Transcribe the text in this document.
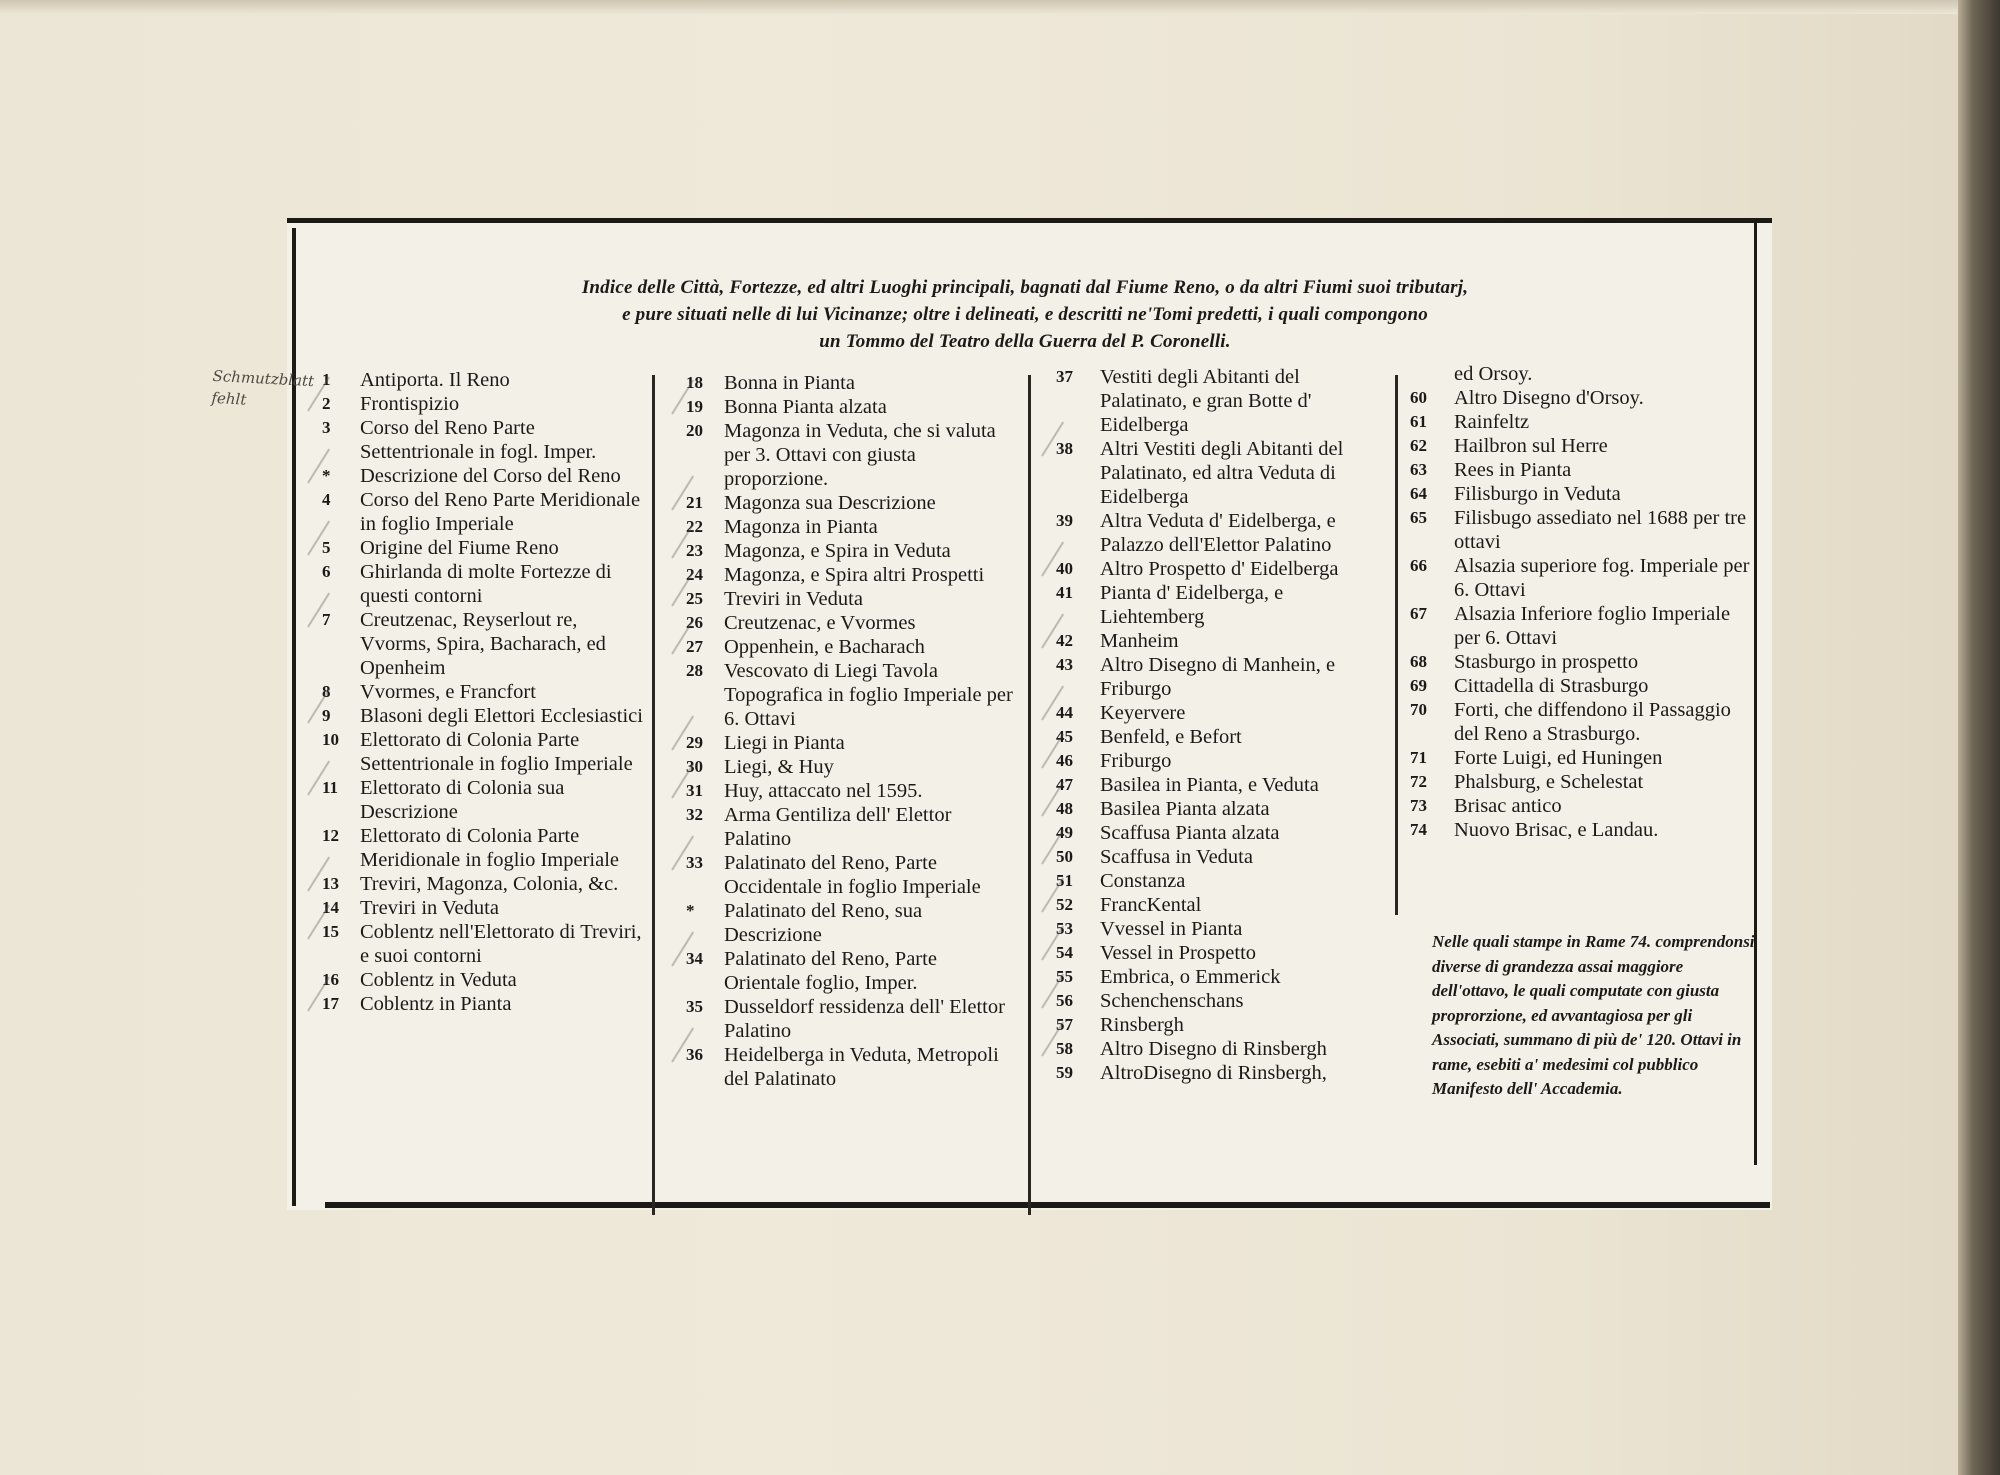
Indice delle Città, Fortezze, ed altri Luoghi principali, bagnati dal Fiume Reno, o da altri Fiumi suoi tributarj,
e pure situati nelle di lui Vicinanze; oltre i delineati, e descritti ne'Tomi predetti, i quali compongono
un Tommo del Teatro della Guerra del P. Coronelli.
Schmutzblatt
fehlt
1	Antiporta. Il Reno
2	Frontispizio
3	Corso del Reno Parte Settentrionale in fogl. Imper.
*	Descrizione del Corso del Reno
4	Corso del Reno Parte Meridionale in foglio Imperiale
5	Origine del Fiume Reno
6	Ghirlanda di molte Fortezze di questi contorni
7	Creutzenac, Reyserlout re, Vvorms, Spira, Bacharach, ed Openheim
8	Vvormes, e Francfort
9	Blasoni degli Elettori Ecclesiastici
10	Elettorato di Colonia Parte Settentrionale in foglio Imperiale
11	Elettorato di Colonia sua Descrizione
12	Elettorato di Colonia Parte Meridionale in foglio Imperiale
13	Treviri, Magonza, Colonia, &c.
14	Treviri in Veduta
15	Coblentz nell'Elettorato di Treviri, e suoi contorni
16	Coblentz in Veduta
17	Coblentz in Pianta
18	Bonna in Pianta
19	Bonna Pianta alzata
20	Magonza in Veduta, che si valuta per 3. Ottavi con giusta proporzione.
21	Magonza sua Descrizione
22	Magonza in Pianta
23	Magonza, e Spira in Veduta
24	Magonza, e Spira altri Prospetti
25	Treviri in Veduta
26	Creutzenac, e Vvormes
27	Oppenhein, e Bacharach
28	Vescovato di Liegi Tavola Topografica in foglio Imperiale per 6. Ottavi
29	Liegi in Pianta
30	Liegi, & Huy
31	Huy, attaccato nel 1595.
32	Arma Gentiliza dell' Elettor Palatino
33	Palatinato del Reno, Parte Occidentale in foglio Imperiale
*	Palatinato del Reno, sua Descrizione
34	Palatinato del Reno, Parte Orientale foglio, Imper.
35	Dusseldorf ressidenza dell' Elettor Palatino
36	Heidelberga in Veduta, Metropoli del Palatinato
37	Vestiti degli Abitanti del Palatinato, e gran Botte d' Eidelberga
38	Altri Vestiti degli Abitanti del Palatinato, ed altra Veduta di Eidelberga
39	Altra Veduta d' Eidelberga, e Palazzo dell'Elettor Palatino
40	Altro Prospetto d' Eidelberga
41	Pianta d' Eidelberga, e Liehtemberg
42	Manheim
43	Altro Disegno di Manhein, e Friburgo
44	Keyervere
45	Benfeld, e Befort
46	Friburgo
47	Basilea in Pianta, e Veduta
48	Basilea Pianta alzata
49	Scaffusa Pianta alzata
50	Scaffusa in Veduta
51	Constanza
52	FrancKental
53	Vvessel in Pianta
54	Vessel in Prospetto
55	Embrica, o Emmerick
56	Schenchenschans
57	Rinsbergh
58	Altro Disegno di Rinsbergh
59	AltroDisegno di Rinsbergh,
ed Orsoy.
60	Altro Disegno d'Orsoy.
61	Rainfeltz
62	Hailbron sul Herre
63	Rees in Pianta
64	Filisburgo in Veduta
65	Filisbugo assediato nel 1688 per tre ottavi
66	Alsazia superiore fog. Imperiale per 6. Ottavi
67	Alsazia Inferiore foglio Imperiale per 6. Ottavi
68	Stasburgo in prospetto
69	Cittadella di Strasburgo
70	Forti, che diffendono il Passaggio del Reno a Strasburgo.
71	Forte Luigi, ed Huningen
72	Phalsburg, e Schelestat
73	Brisac antico
74	Nuovo Brisac, e Landau.
Nelle quali stampe in Rame 74. comprendonsi diverse di grandezza assai maggiore dell'ottavo, le quali computate con giusta proprorzione, ed avvantagiosa per gli Associati, summano di più de' 120. Ottavi in rame, esebiti a' medesimi col pubblico Manifesto dell' Accademia.
